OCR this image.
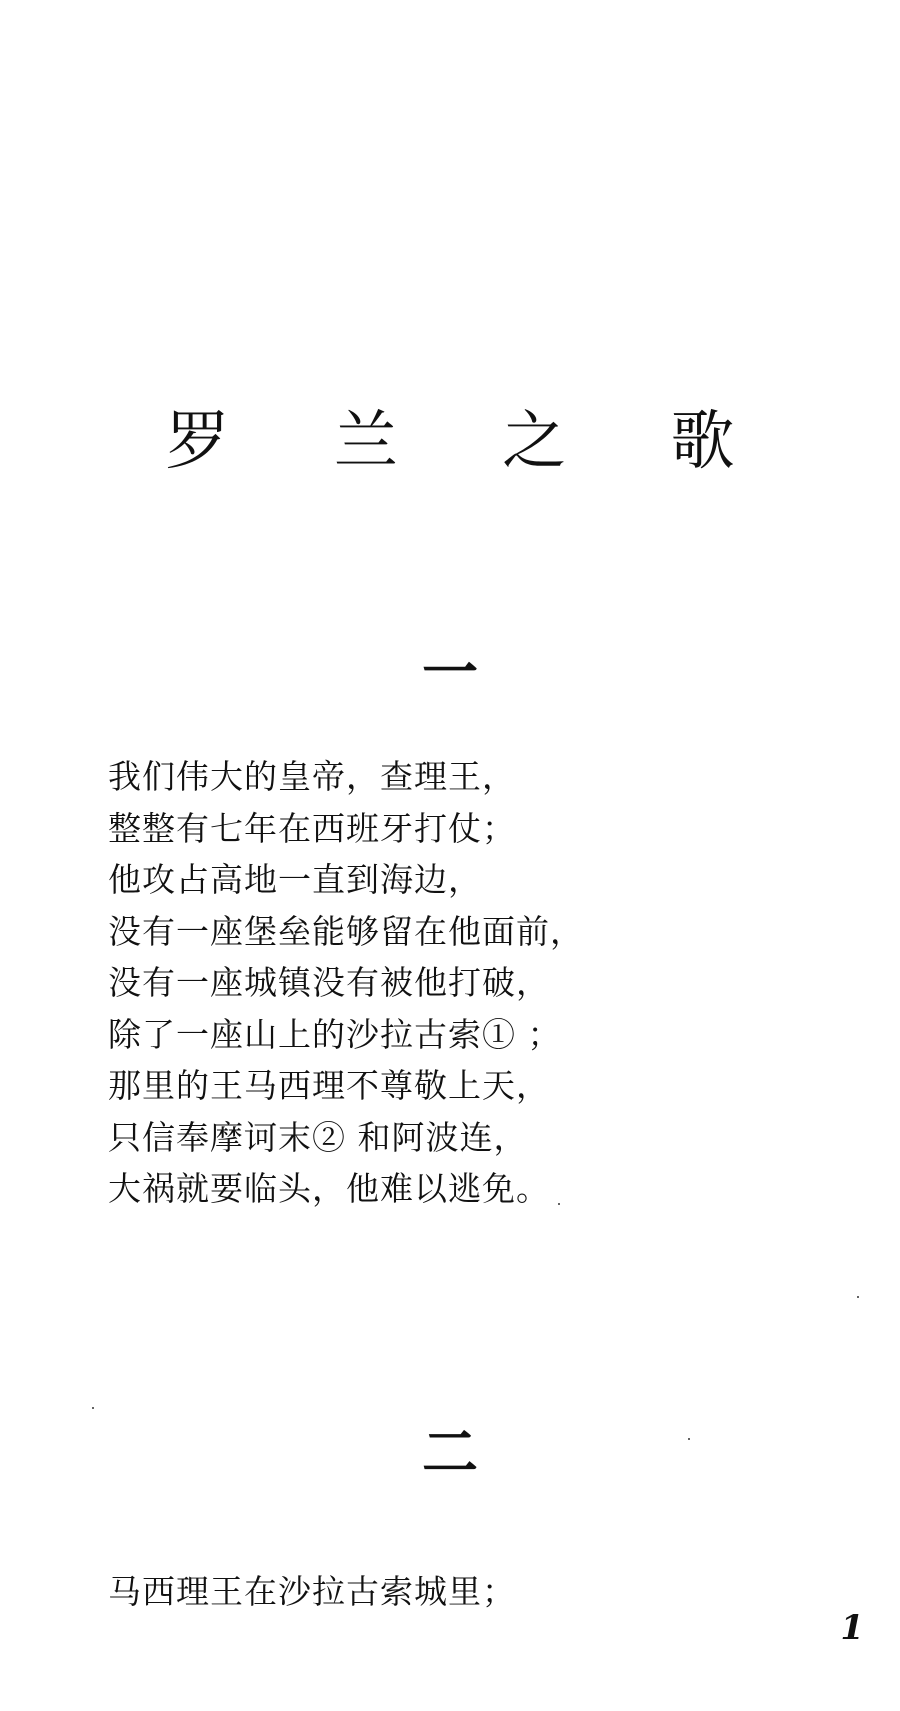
罗 兰 之 歌
一
我们伟大的皇帝，查理王，
整整有七年在西班牙打仗；
他攻占高地一直到海边，
没有一座堡垒能够留在他面前，
没有一座城镇没有被他打破，
除了一座山上的沙拉古索① ；
那里的王马西理不尊敬上天，
只信奉摩诃末② 和阿波连，
大祸就要临头，他难以逃免。
二
马西理王在沙拉古索城里；
1
